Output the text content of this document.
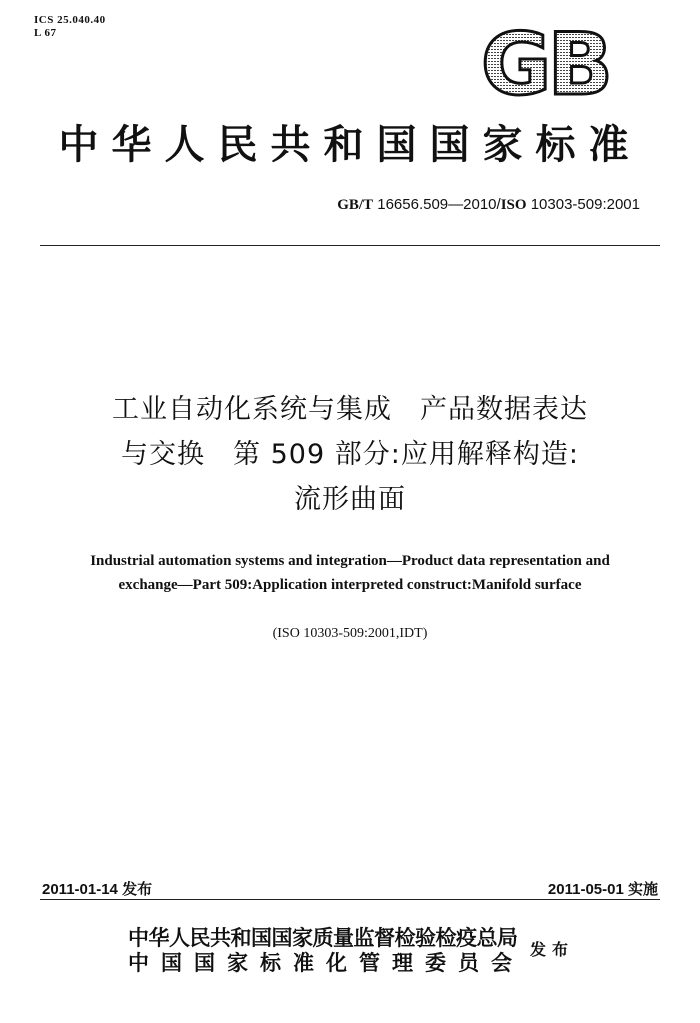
ICS 25.040.40
L 67	GB
中华人民共和国国家标准
GB/T 16656.509—2010/ISO 10303-509:2001
工业自动化系统与集成　产品数据表达
与交换　第 509 部分:应用解释构造:
流形曲面
Industrial automation systems and integration—Product data representation and
exchange—Part 509:Application interpreted construct:Manifold surface
(ISO 10303-509:2001,IDT)
2011-01-14 发布	2011-05-01 实施
中华人民共和国国家质量监督检验检疫总局
中国国家标准化管理委员会
发布
